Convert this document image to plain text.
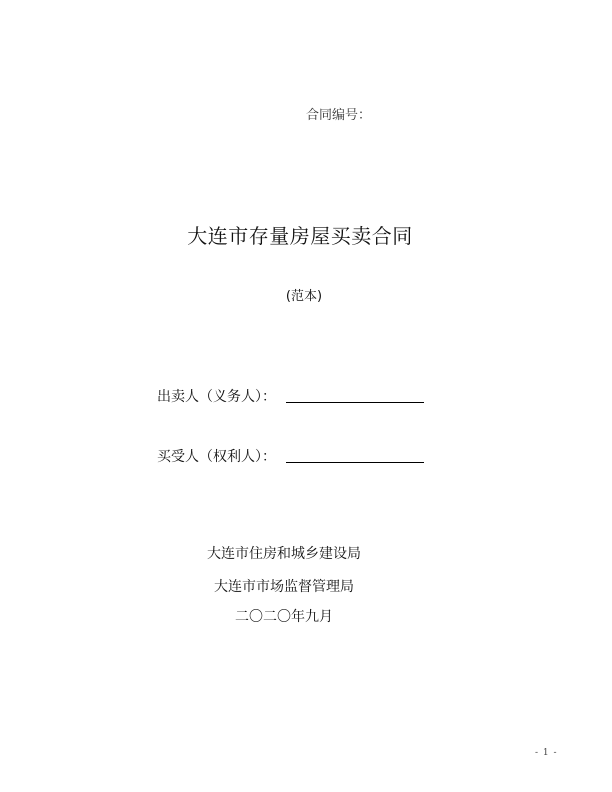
合同编号：
大连市存量房屋买卖合同
(范本)
出卖人（义务人）：
买受人（权利人）：
大连市住房和城乡建设局
大连市市场监督管理局
二〇二〇年九月
- 1 -
